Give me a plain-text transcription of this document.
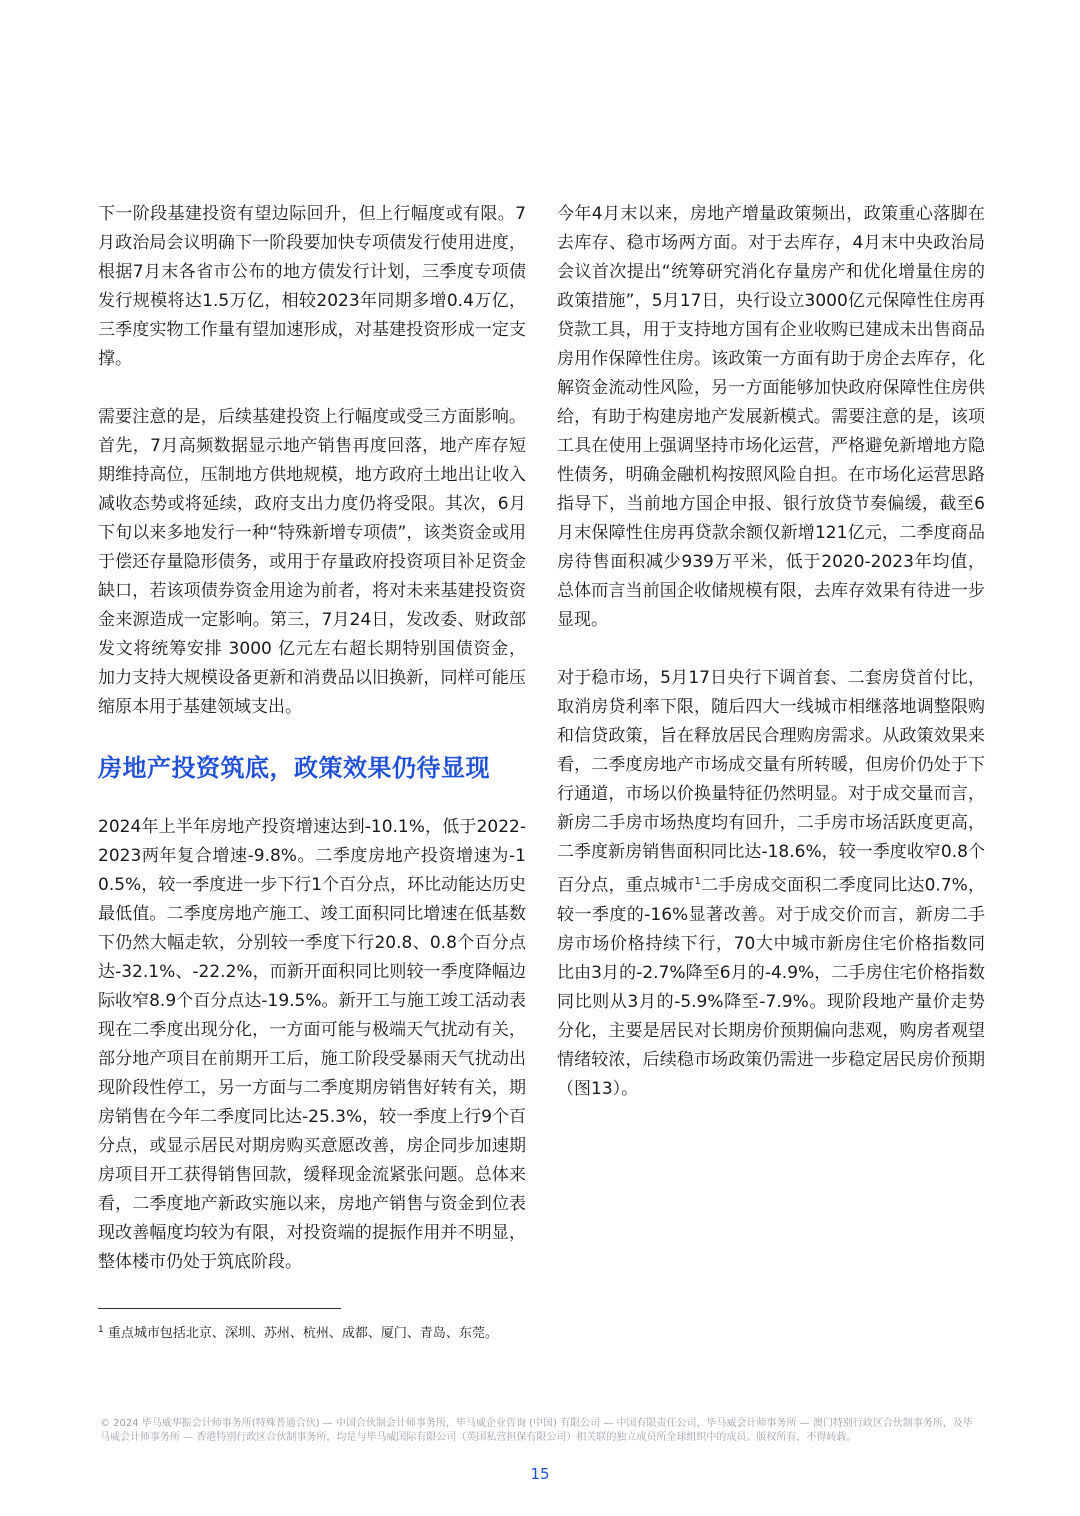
下一阶段基建投资有望边际回升，但上行幅度或有限。7月政治局会议明确下一阶段要加快专项债发行使用进度，根据7月末各省市公布的地方债发行计划，三季度专项债发行规模将达1.5万亿，相较2023年同期多增0.4万亿，三季度实物工作量有望加速形成，对基建投资形成一定支撑。

需要注意的是，后续基建投资上行幅度或受三方面影响。首先，7月高频数据显示地产销售再度回落，地产库存短期维持高位，压制地方供地规模，地方政府土地出让收入减收态势或将延续，政府支出力度仍将受限。其次，6月下旬以来多地发行一种“特殊新增专项债”，该类资金或用于偿还存量隐形债务，或用于存量政府投资项目补足资金缺口，若该项债券资金用途为前者，将对未来基建投资资金来源造成一定影响。第三，7月24日，发改委、财政部发文将统筹安排 3000 亿元左右超长期特别国债资金，加力支持大规模设备更新和消费品以旧换新，同样可能压缩原本用于基建领域支出。

房地产投资筑底，政策效果仍待显现

2024年上半年房地产投资增速达到-10.1%，低于2022-2023两年复合增速-9.8%。二季度房地产投资增速为-10.5%，较一季度进一步下行1个百分点，环比动能达历史最低值。二季度房地产施工、竣工面积同比增速在低基数下仍然大幅走软，分别较一季度下行20.8、0.8个百分点达-32.1%、-22.2%，而新开面积同比则较一季度降幅边际收窄8.9个百分点达-19.5%。新开工与施工竣工活动表现在二季度出现分化，一方面可能与极端天气扰动有关，部分地产项目在前期开工后，施工阶段受暴雨天气扰动出现阶段性停工，另一方面与二季度期房销售好转有关，期房销售在今年二季度同比达-25.3%，较一季度上行9个百分点，或显示居民对期房购买意愿改善，房企同步加速期房项目开工获得销售回款，缓释现金流紧张问题。总体来看，二季度地产新政实施以来，房地产销售与资金到位表现改善幅度均较为有限，对投资端的提振作用并不明显，整体楼市仍处于筑底阶段。

今年4月末以来，房地产增量政策频出，政策重心落脚在去库存、稳市场两方面。对于去库存，4月末中央政治局会议首次提出“统筹研究消化存量房产和优化增量住房的政策措施”，5月17日，央行设立3000亿元保障性住房再贷款工具，用于支持地方国有企业收购已建成未出售商品房用作保障性住房。该政策一方面有助于房企去库存，化解资金流动性风险，另一方面能够加快政府保障性住房供给，有助于构建房地产发展新模式。需要注意的是，该项工具在使用上强调坚持市场化运营，严格避免新增地方隐性债务，明确金融机构按照风险自担。在市场化运营思路指导下，当前地方国企申报、银行放贷节奏偏缓，截至6月末保障性住房再贷款余额仅新增121亿元，二季度商品房待售面积减少939万平米，低于2020-2023年均值，总体而言当前国企收储规模有限，去库存效果有待进一步显现。

对于稳市场，5月17日央行下调首套、二套房贷首付比，取消房贷利率下限，随后四大一线城市相继落地调整限购和信贷政策，旨在释放居民合理购房需求。从政策效果来看，二季度房地产市场成交量有所转暖，但房价仍处于下行通道，市场以价换量特征仍然明显。对于成交量而言，新房二手房市场热度均有回升，二手房市场活跃度更高，二季度新房销售面积同比达-18.6%，较一季度收窄0.8个百分点，重点城市$^1$二手房成交面积二季度同比达0.7%，较一季度的-16%显著改善。对于成交价而言，新房二手房市场价格持续下行，70大中城市新房住宅价格指数同比由3月的-2.7%降至6月的-4.9%，二手房住宅价格指数同比则从3月的-5.9%降至-7.9%。现阶段地产量价走势分化，主要是居民对长期房价预期偏向悲观，购房者观望情绪较浓，后续稳市场政策仍需进一步稳定居民房价预期（图13）。

$^1$ 重点城市包括北京、深圳、苏州、杭州、成都、厦门、青岛、东莞。
© 2024 毕马威华振会计师事务所(特殊普通合伙) — 中国合伙制会计师事务所，毕马威企业咨询 (中国) 有限公司 — 中国有限责任公司，毕马威会计师事务所 — 澳门特别行政区合伙制事务所，及毕马威会计师事务所 — 香港特别行政区合伙制事务所，均是与毕马威国际有限公司（英国私营担保有限公司）相关联的独立成员所全球组织中的成员。版权所有，不得转载。
15
